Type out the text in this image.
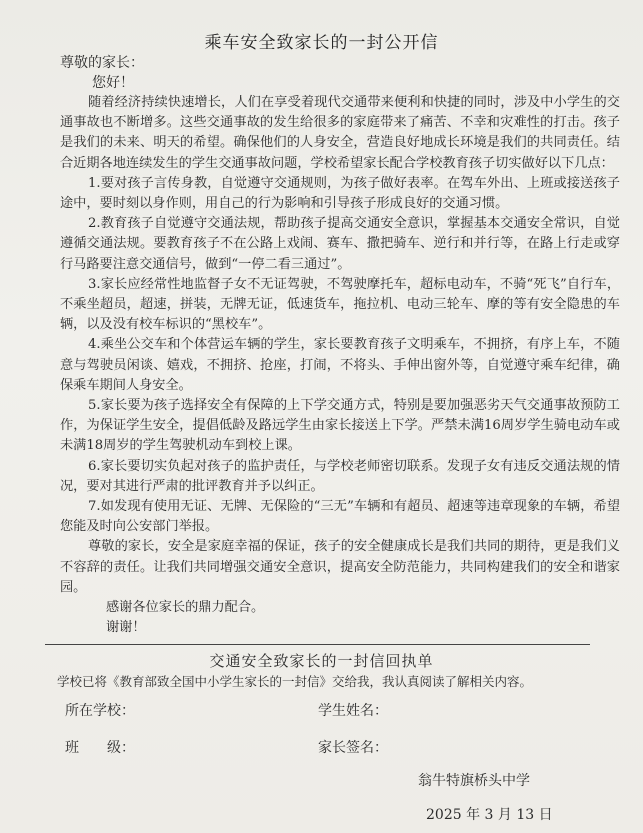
乘车安全致家长的一封公开信
尊敬的家长：
您好！

随着经济持续快速增长，人们在享受着现代交通带来便利和快捷的同时，涉及中小学生的交通事故也不断增多。这些交通事故的发生给很多的家庭带来了痛苦、不幸和灾难性的打击。孩子是我们的未来、明天的希望。确保他们的人身安全，营造良好地成长环境是我们的共同责任。结合近期各地连续发生的学生交通事故问题，学校希望家长配合学校教育孩子切实做好以下几点：

1.要对孩子言传身教，自觉遵守交通规则，为孩子做好表率。在驾车外出、上班或接送孩子途中，要时刻以身作则，用自己的行为影响和引导孩子形成良好的交通习惯。

2.教育孩子自觉遵守交通法规，帮助孩子提高交通安全意识，掌握基本交通安全常识，自觉遵循交通法规。要教育孩子不在公路上戏闹、赛车、撒把骑车、逆行和并行等，在路上行走或穿行马路要注意交通信号，做到“一停二看三通过”。

3.家长应经常性地监督子女不无证驾驶，不驾驶摩托车，超标电动车，不骑“死飞”自行车，不乘坐超员，超速，拼装，无牌无证，低速货车，拖拉机、电动三轮车、摩的等有安全隐患的车辆，以及没有校车标识的“黑校车”。

4.乘坐公交车和个体营运车辆的学生，家长要教育孩子文明乘车，不拥挤，有序上车，不随意与驾驶员闲谈、嬉戏，不拥挤、抢座，打闹，不将头、手伸出窗外等，自觉遵守乘车纪律，确保乘车期间人身安全。

5.家长要为孩子选择安全有保障的上下学交通方式，特别是要加强恶劣天气交通事故预防工作，为保证学生安全，提倡低龄及路远学生由家长接送上下学。严禁未满16周岁学生骑电动车或未满18周岁的学生驾驶机动车到校上课。

6.家长要切实负起对孩子的监护责任，与学校老师密切联系。发现子女有违反交通法规的情况，要对其进行严肃的批评教育并予以纠正。

7.如发现有使用无证、无牌、无保险的“三无”车辆和有超员、超速等违章现象的车辆，希望您能及时向公安部门举报。

尊敬的家长，安全是家庭幸福的保证，孩子的安全健康成长是我们共同的期待，更是我们义不容辞的责任。让我们共同增强交通安全意识，提高安全防范能力，共同构建我们的安全和谐家园。

感谢各位家长的鼎力配合。

谢谢！

交通安全致家长的一封信回执单
学校已将《教育部致全国中小学生家长的一封信》交给我，我认真阅读了解相关内容。
所在学校：	学生姓名：
班　　级：	家长签名：
翁牛特旗桥头中学
2025 年 3 月 13 日
